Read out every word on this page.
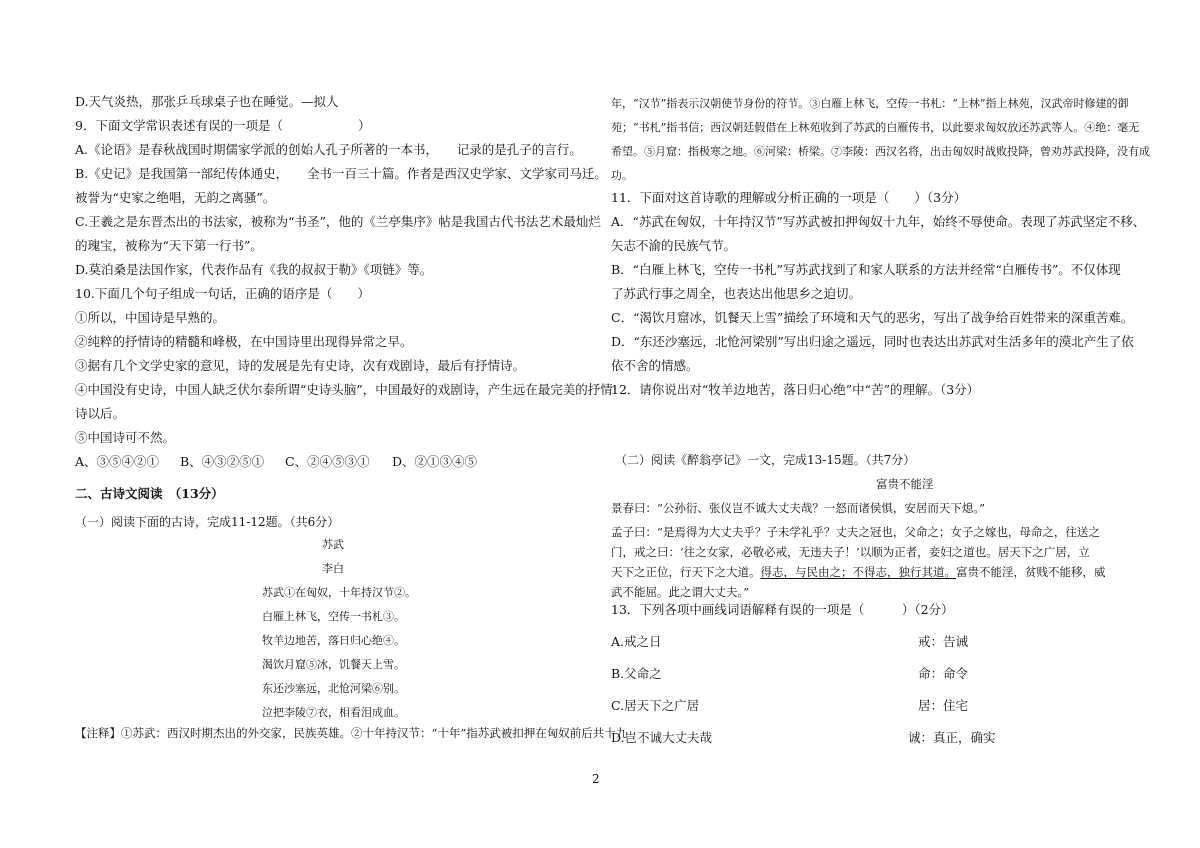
D.天气炎热，那张乒乓球桌子也在睡觉。—拟人
9．下面文学常识表述有误的一项是（　　　　　　）
A.《论语》是春秋战国时期儒家学派的创始人孔子所著的一本书，　　记录的是孔子的言行。
B.《史记》是我国第一部纪传体通史，　　全书一百三十篇。作者是西汉史学家、文学家司马迁。
被誉为“史家之绝唱，无韵之离骚”。
C.王羲之是东晋杰出的书法家，被称为“书圣”，他的《兰亭集序》帖是我国古代书法艺术最灿烂
的瑰宝，被称为“天下第一行书”。
D.莫泊桑是法国作家，代表作品有《我的叔叔于勒》《项链》等。
10.下面几个句子组成一句话，正确的语序是（　　）
①所以，中国诗是早熟的。
②纯粹的抒情诗的精髓和峰极，在中国诗里出现得异常之早。
③据有几个文学史家的意见，诗的发展是先有史诗，次有戏剧诗，最后有抒情诗。
④中国没有史诗，中国人缺乏伏尔泰所谓“史诗头脑”，中国最好的戏剧诗，产生远在最完美的抒情
诗以后。
⑤中国诗可不然。
A、③⑤④②① B、④③②⑤① C、②④⑤③① D、②①③④⑤
二、古诗文阅读　（13分）
（一）阅读下面的古诗，完成11-12题。（共6分）
苏武
李白
苏武①在匈奴，十年持汉节②。
白雁上林飞，空传一书札③。
牧羊边地苦，落日归心绝④。
渴饮月窟⑤冰，饥餐天上雪。
东还沙塞远，北怆河梁⑥别。
泣把李陵⑦衣，相看泪成血。
【注释】①苏武：西汉时期杰出的外交家，民族英雄。②十年持汉节：“十年”指苏武被扣押在匈奴前后共十九
年，“汉节”指表示汉朝使节身份的符节。③白雁上林飞，空传一书札：“上林”指上林苑，汉武帝时修建的御
苑；“书札”指书信；西汉朝廷假借在上林苑收到了苏武的白雁传书，以此要求匈奴放还苏武等人。④绝：毫无
希望。⑤月窟：指极寒之地。⑥河梁：桥梁。⑦李陵：西汉名将，出击匈奴时战败投降，曾劝苏武投降，没有成
功。
11．下面对这首诗歌的理解或分析正确的一项是（　　）（3分）
A．“苏武在匈奴，十年持汉节”写苏武被扣押匈奴十九年，始终不辱使命。表现了苏武坚定不移、
矢志不渝的民族气节。
B．“白雁上林飞，空传一书札”写苏武找到了和家人联系的方法并经常“白雁传书”。不仅体现
了苏武行事之周全，也表达出他思乡之迫切。
C．“渴饮月窟冰，饥餐天上雪”描绘了环境和天气的恶劣，写出了战争给百姓带来的深重苦难。
D．“东还沙塞远，北怆河梁别”写出归途之遥远，同时也表达出苏武对生活多年的漠北产生了依
依不舍的情感。
12．请你说出对“牧羊边地苦，落日归心绝”中“苦”的理解。（3分）
（二）阅读《醉翁亭记》一文，完成13-15题。（共7分）
富贵不能淫
景春曰：“公孙衍、张仪岂不诚大丈夫哉？一怒而诸侯惧，安居而天下熄。”
孟子曰：“是焉得为大丈夫乎？子未学礼乎？丈夫之冠也，父命之；女子之嫁也，母命之，往送之
门，戒之曰：‘往之女家，必敬必戒，无违夫子！’以顺为正者，妾妇之道也。居天下之广居，立
天下之正位，行天下之大道。得志，与民由之；不得志，独行其道。富贵不能淫，贫贱不能移，威
武不能屈。此之谓大丈夫。”
13．下列各项中画线词语解释有误的一项是（　　　）（2分）
A.戒之日	戒：告诫
B.父命之	命：命令
C.居天下之广居	居：住宅
D.岂不诚大丈夫哉	诚：真正，确实
2
